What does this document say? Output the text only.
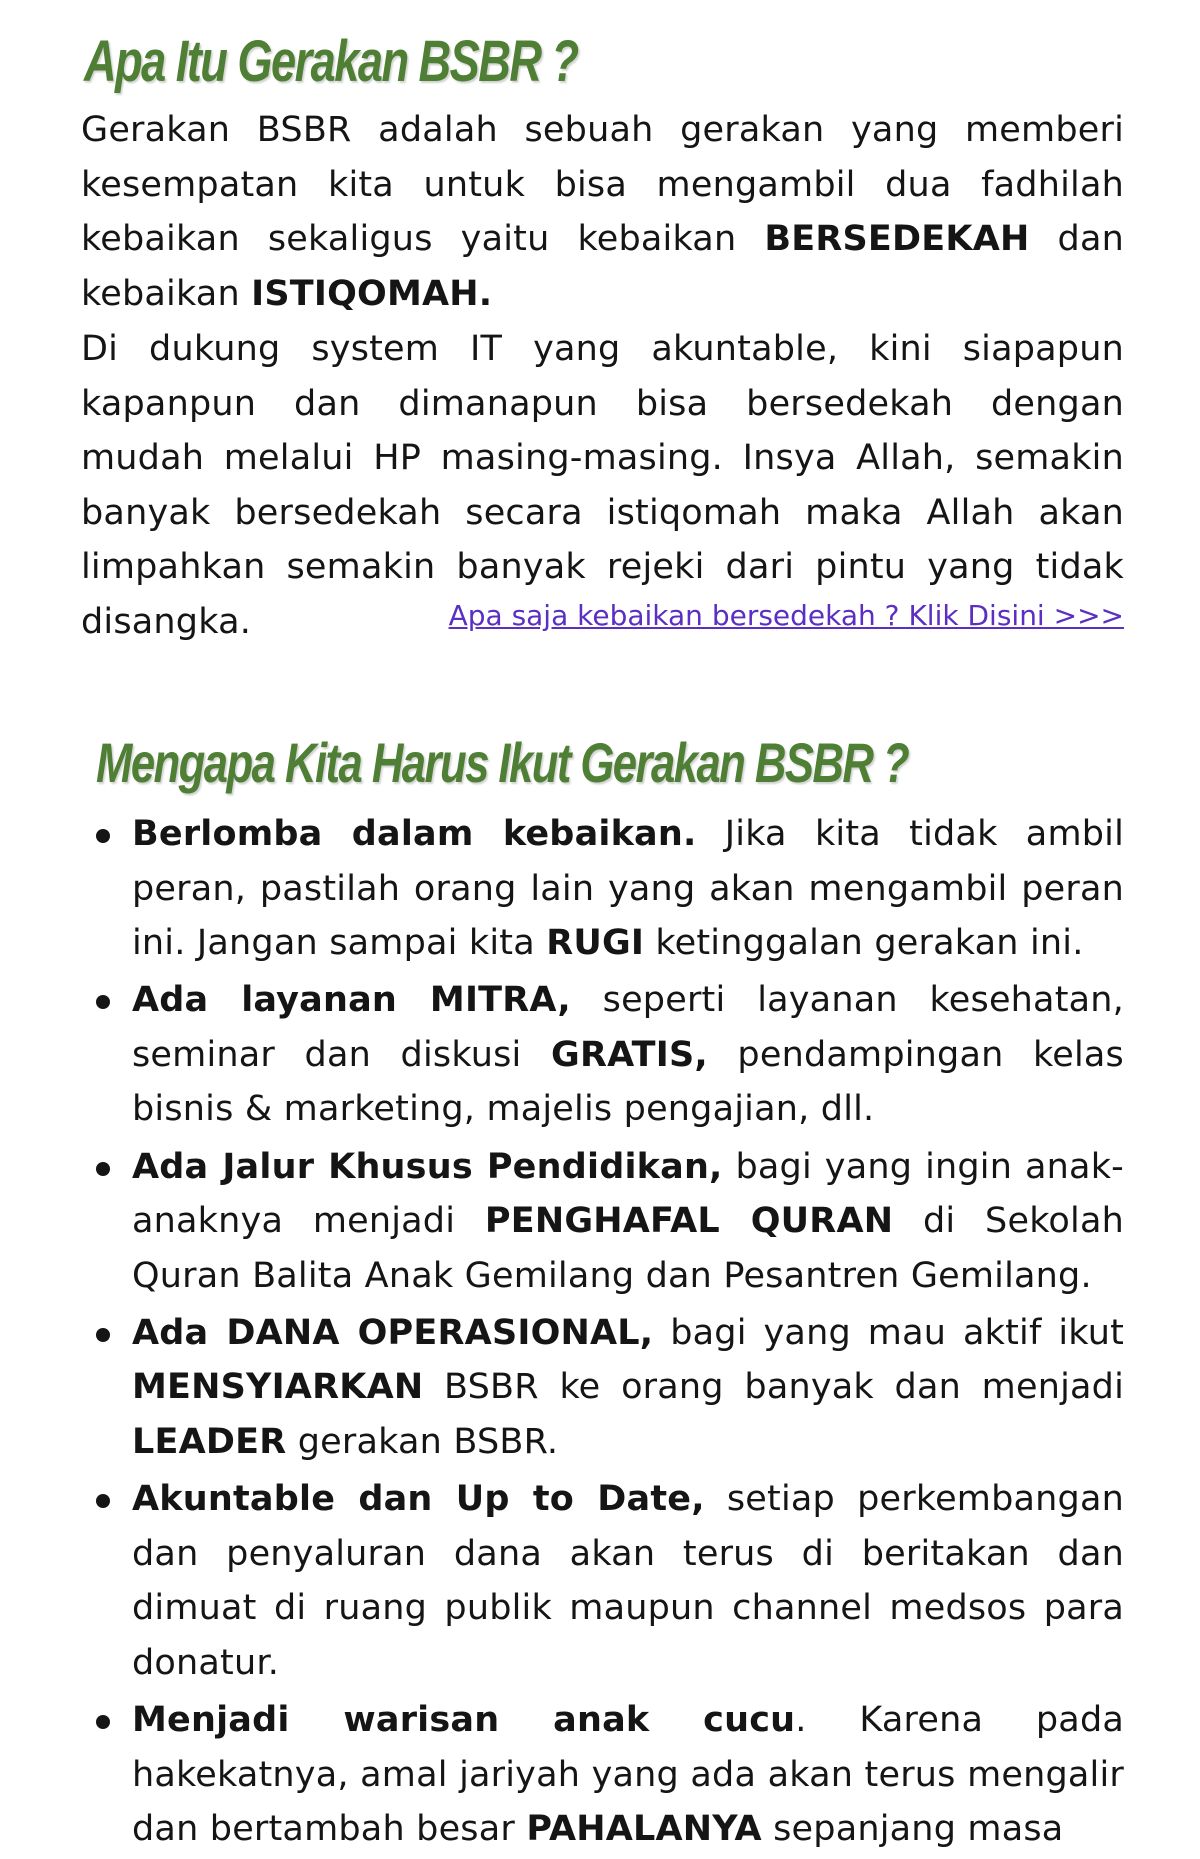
Apa Itu Gerakan BSBR ?

Gerakan BSBR adalah sebuah gerakan yang memberi kesempatan kita untuk bisa mengambil dua fadhilah kebaikan sekaligus yaitu kebaikan BERSEDEKAH dan kebaikan ISTIQOMAH.

Di dukung system IT yang akuntable, kini siapapun kapanpun dan dimanapun bisa bersedekah dengan mudah melalui HP masing-masing. Insya Allah, semakin banyak bersedekah secara istiqomah maka Allah akan limpahkan semakin banyak rejeki dari pintu yang tidak disangka.	Apa saja kebaikan bersedekah ? Klik Disini >>>
Mengapa Kita Harus Ikut Gerakan BSBR ?
Berlomba dalam kebaikan. Jika kita tidak ambil peran, pastilah orang lain yang akan mengambil peran ini. Jangan sampai kita RUGI ketinggalan gerakan ini.
Ada layanan MITRA, seperti layanan kesehatan, seminar dan diskusi GRATIS, pendampingan kelas bisnis & marketing, majelis pengajian, dll.
Ada Jalur Khusus Pendidikan, bagi yang ingin anak-anaknya menjadi PENGHAFAL QURAN di Sekolah Quran Balita Anak Gemilang dan Pesantren Gemilang.
Ada DANA OPERASIONAL, bagi yang mau aktif ikut MENSYIARKAN BSBR ke orang banyak dan menjadi LEADER gerakan BSBR.
Akuntable dan Up to Date, setiap perkembangan dan penyaluran dana akan terus di beritakan dan dimuat di ruang publik maupun channel medsos para donatur.
Menjadi warisan anak cucu. Karena pada hakekatnya, amal jariyah yang ada akan terus mengalir dan bertambah besar PAHALANYA sepanjang masa
